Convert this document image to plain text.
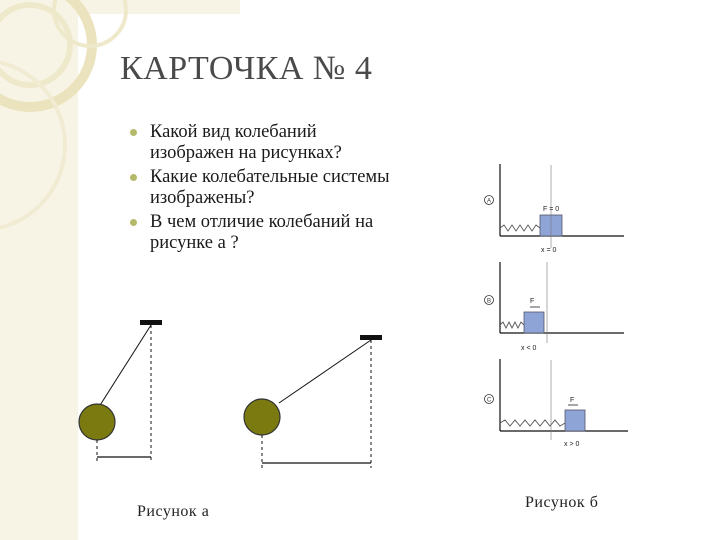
КАРТОЧКА № 4
Какой вид колебаний изображен на рисунках?
Какие колебательные системы изображены?
В чем отличие колебаний на рисунке а ?
A
F = 0
x = 0
B	F
x < 0
C	F
x > 0
Рисунок а
Рисунок б
